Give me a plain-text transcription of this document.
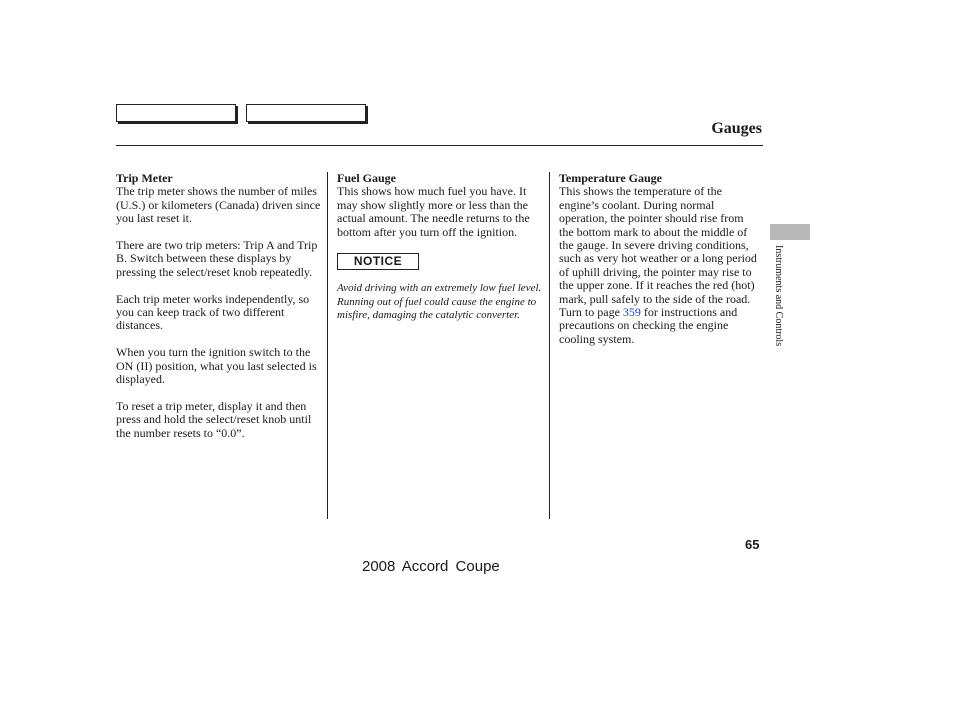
Gauges
Trip Meter

The trip meter shows the number of miles (U.S.) or kilometers (Canada) driven since you last reset it.

There are two trip meters: Trip A and Trip B. Switch between these displays by pressing the select/reset knob repeatedly.

Each trip meter works independently, so you can keep track of two different distances.

When you turn the ignition switch to the ON (II) position, what you last selected is displayed.

To reset a trip meter, display it and then press and hold the select/reset knob until the number resets to “0.0”.

Fuel Gauge

This shows how much fuel you have. It may show slightly more or less than the actual amount. The needle returns to the bottom after you turn off the ignition.

NOTICE

Avoid driving with an extremely low fuel level. Running out of fuel could cause the engine to misfire, damaging the catalytic converter.

Temperature Gauge

This shows the temperature of the engine’s coolant. During normal operation, the pointer should rise from the bottom mark to about the middle of the gauge. In severe driving conditions, such as very hot weather or a long period of uphill driving, the pointer may rise to the upper zone. If it reaches the red (hot) mark, pull safely to the side of the road. Turn to page 359 for instructions and precautions on checking the engine cooling system.	Instruments and Controls
65
2008 Accord Coupe
